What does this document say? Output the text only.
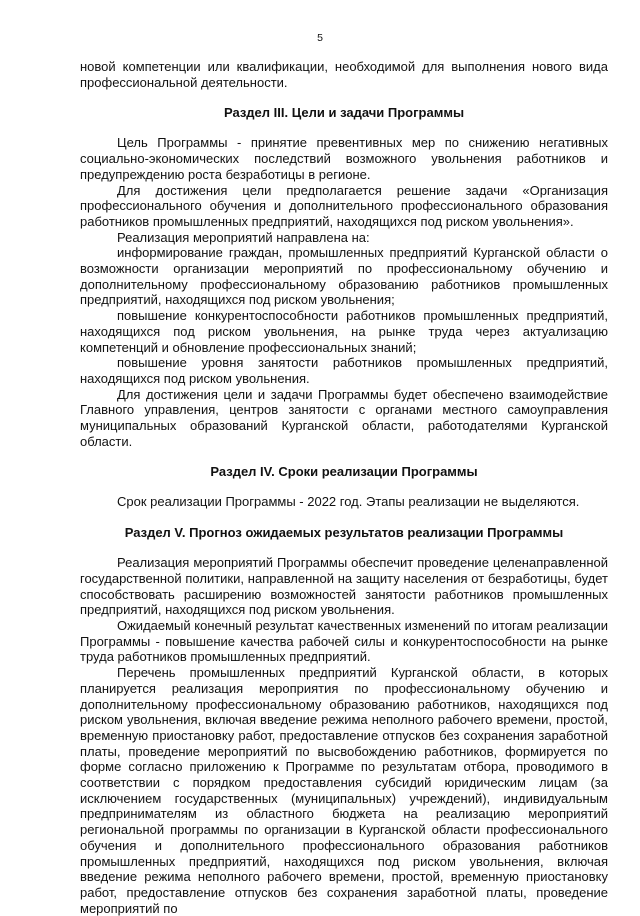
5

новой компетенции или квалификации, необходимой для выполнения нового вида профессиональной деятельности.

Раздел III. Цели и задачи Программы

Цель Программы - принятие превентивных мер по снижению негативных социально-экономических последствий возможного увольнения работников и предупреждению роста безработицы в регионе.

Для достижения цели предполагается решение задачи «Организация профессионального обучения и дополнительного профессионального образования работников промышленных предприятий, находящихся под риском увольнения».

Реализация мероприятий направлена на:

информирование граждан, промышленных предприятий Курганской области о возможности организации мероприятий по профессиональному обучению и дополнительному профессиональному образованию работников промышленных предприятий, находящихся под риском увольнения;

повышение конкурентоспособности работников промышленных предприятий, находящихся под риском увольнения, на рынке труда через актуализацию компетенций и обновление профессиональных знаний;

повышение уровня занятости работников промышленных предприятий, находящихся под риском увольнения.

Для достижения цели и задачи Программы будет обеспечено взаимодействие Главного управления, центров занятости с органами местного самоуправления муниципальных образований Курганской области, работодателями Курганской области.

Раздел IV. Сроки реализации Программы

Срок реализации Программы - 2022 год. Этапы реализации не выделяются.

Раздел V. Прогноз ожидаемых результатов реализации Программы

Реализация мероприятий Программы обеспечит проведение целенаправленной государственной политики, направленной на защиту населения от безработицы, будет способствовать расширению возможностей занятости работников промышленных предприятий, находящихся под риском увольнения.

Ожидаемый конечный результат качественных изменений по итогам реализации Программы - повышение качества рабочей силы и конкурентоспособности на рынке труда работников промышленных предприятий.

Перечень промышленных предприятий Курганской области, в которых планируется реализация мероприятия по профессиональному обучению и дополнительному профессиональному образованию работников, находящихся под риском увольнения, включая введение режима неполного рабочего времени, простой, временную приостановку работ, предоставление отпусков без сохранения заработной платы, проведение мероприятий по высвобождению работников, формируется по форме согласно приложению к Программе по результатам отбора, проводимого в соответствии с порядком предоставления субсидий юридическим лицам (за исключением государственных (муниципальных) учреждений), индивидуальным предпринимателям из областного бюджета на реализацию мероприятий региональной программы по организации в Курганской области профессионального обучения и дополнительного профессионального образования работников промышленных предприятий, находящихся под риском увольнения, включая введение режима неполного рабочего времени, простой, временную приостановку работ, предоставление отпусков без сохранения заработной платы, проведение мероприятий по
